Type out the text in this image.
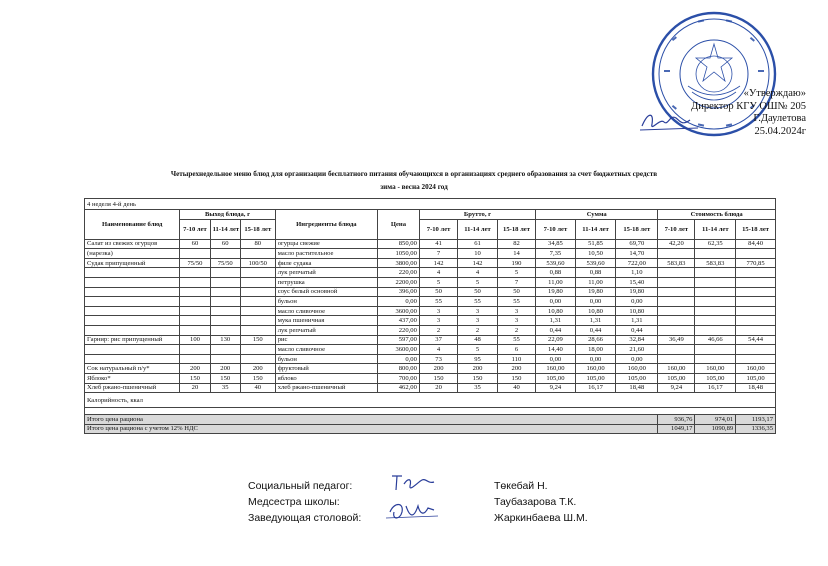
«Утверждаю»
Директор КГУ ОШ№ 205
Г.Даулетова
25.04.2024г
Четырехнедельное меню блюд для организации бесплатного питания обучающихся в организациях среднего образования за счет бюджетных средств
зима - весна 2024 год
4 неделя 4-й день														
Наименование блюд	Выход блюда, г			Ингредиенты блюда	Цена	Брутто, г			Сумма			Стоимость блюда		
	7-10 лет	11-14 лет	15-18 лет			7-10 лет	11-14 лет	15-18 лет	7-10 лет	11-14 лет	15-18 лет	7-10 лет	11-14 лет	15-18 лет
Салат из свежих огурцов	60	60	80	огурцы свежие	850,00	41	61	82	34,85	51,85	69,70	42,20	62,35	84,40
(нарезка)				масло растительное	1050,00	7	10	14	7,35	10,50	14,70			
Судак припущенный	75/50	75/50	100/50	филе судака	3800,00	142	142	190	539,60	539,60	722,00	583,83	583,83	770,85
				лук репчатый	220,00	4	4	5	0,88	0,88	1,10			
				петрушка	2200,00	5	5	7	11,00	11,00	15,40			
				соус белый основной	396,00	50	50	50	19,80	19,80	19,80			
				бульон	0,00	55	55	55	0,00	0,00	0,00			
				масло сливочное	3600,00	3	3	3	10,80	10,80	10,80			
				мука пшеничная	437,00	3	3	3	1,31	1,31	1,31			
				лук репчатый	220,00	2	2	2	0,44	0,44	0,44			
Гарнир: рис припущенный	100	130	150	рис	597,00	37	48	55	22,09	28,66	32,84	36,49	46,66	54,44
				масло сливочное	3600,00	4	5	6	14,40	18,00	21,60			
				бульон	0,00	73	95	110	0,00	0,00	0,00			
Сок натуральный п/у*	200	200	200	фруктовый	800,00	200	200	200	160,00	160,00	160,00	160,00	160,00	160,00
Яблоко*	150	150	150	яблоко	700,00	150	150	150	105,00	105,00	105,00	105,00	105,00	105,00
Хлеб ржано-пшеничный	20	35	40	хлеб ржано-пшеничный	462,00	20	35	40	9,24	16,17	18,48	9,24	16,17	18,48
Калорийность, ккал														

Итого цена рациона												936,76	974,01	1193,17
Итого цена рациона с учетом 12% НДС												1049,17	1090,89	1336,35
Социальный педагог:	Төкебай Н.
Медсестра школы:	Таубазарова Т.К.
Заведующая столовой:	Жаркинбаева Ш.М.
